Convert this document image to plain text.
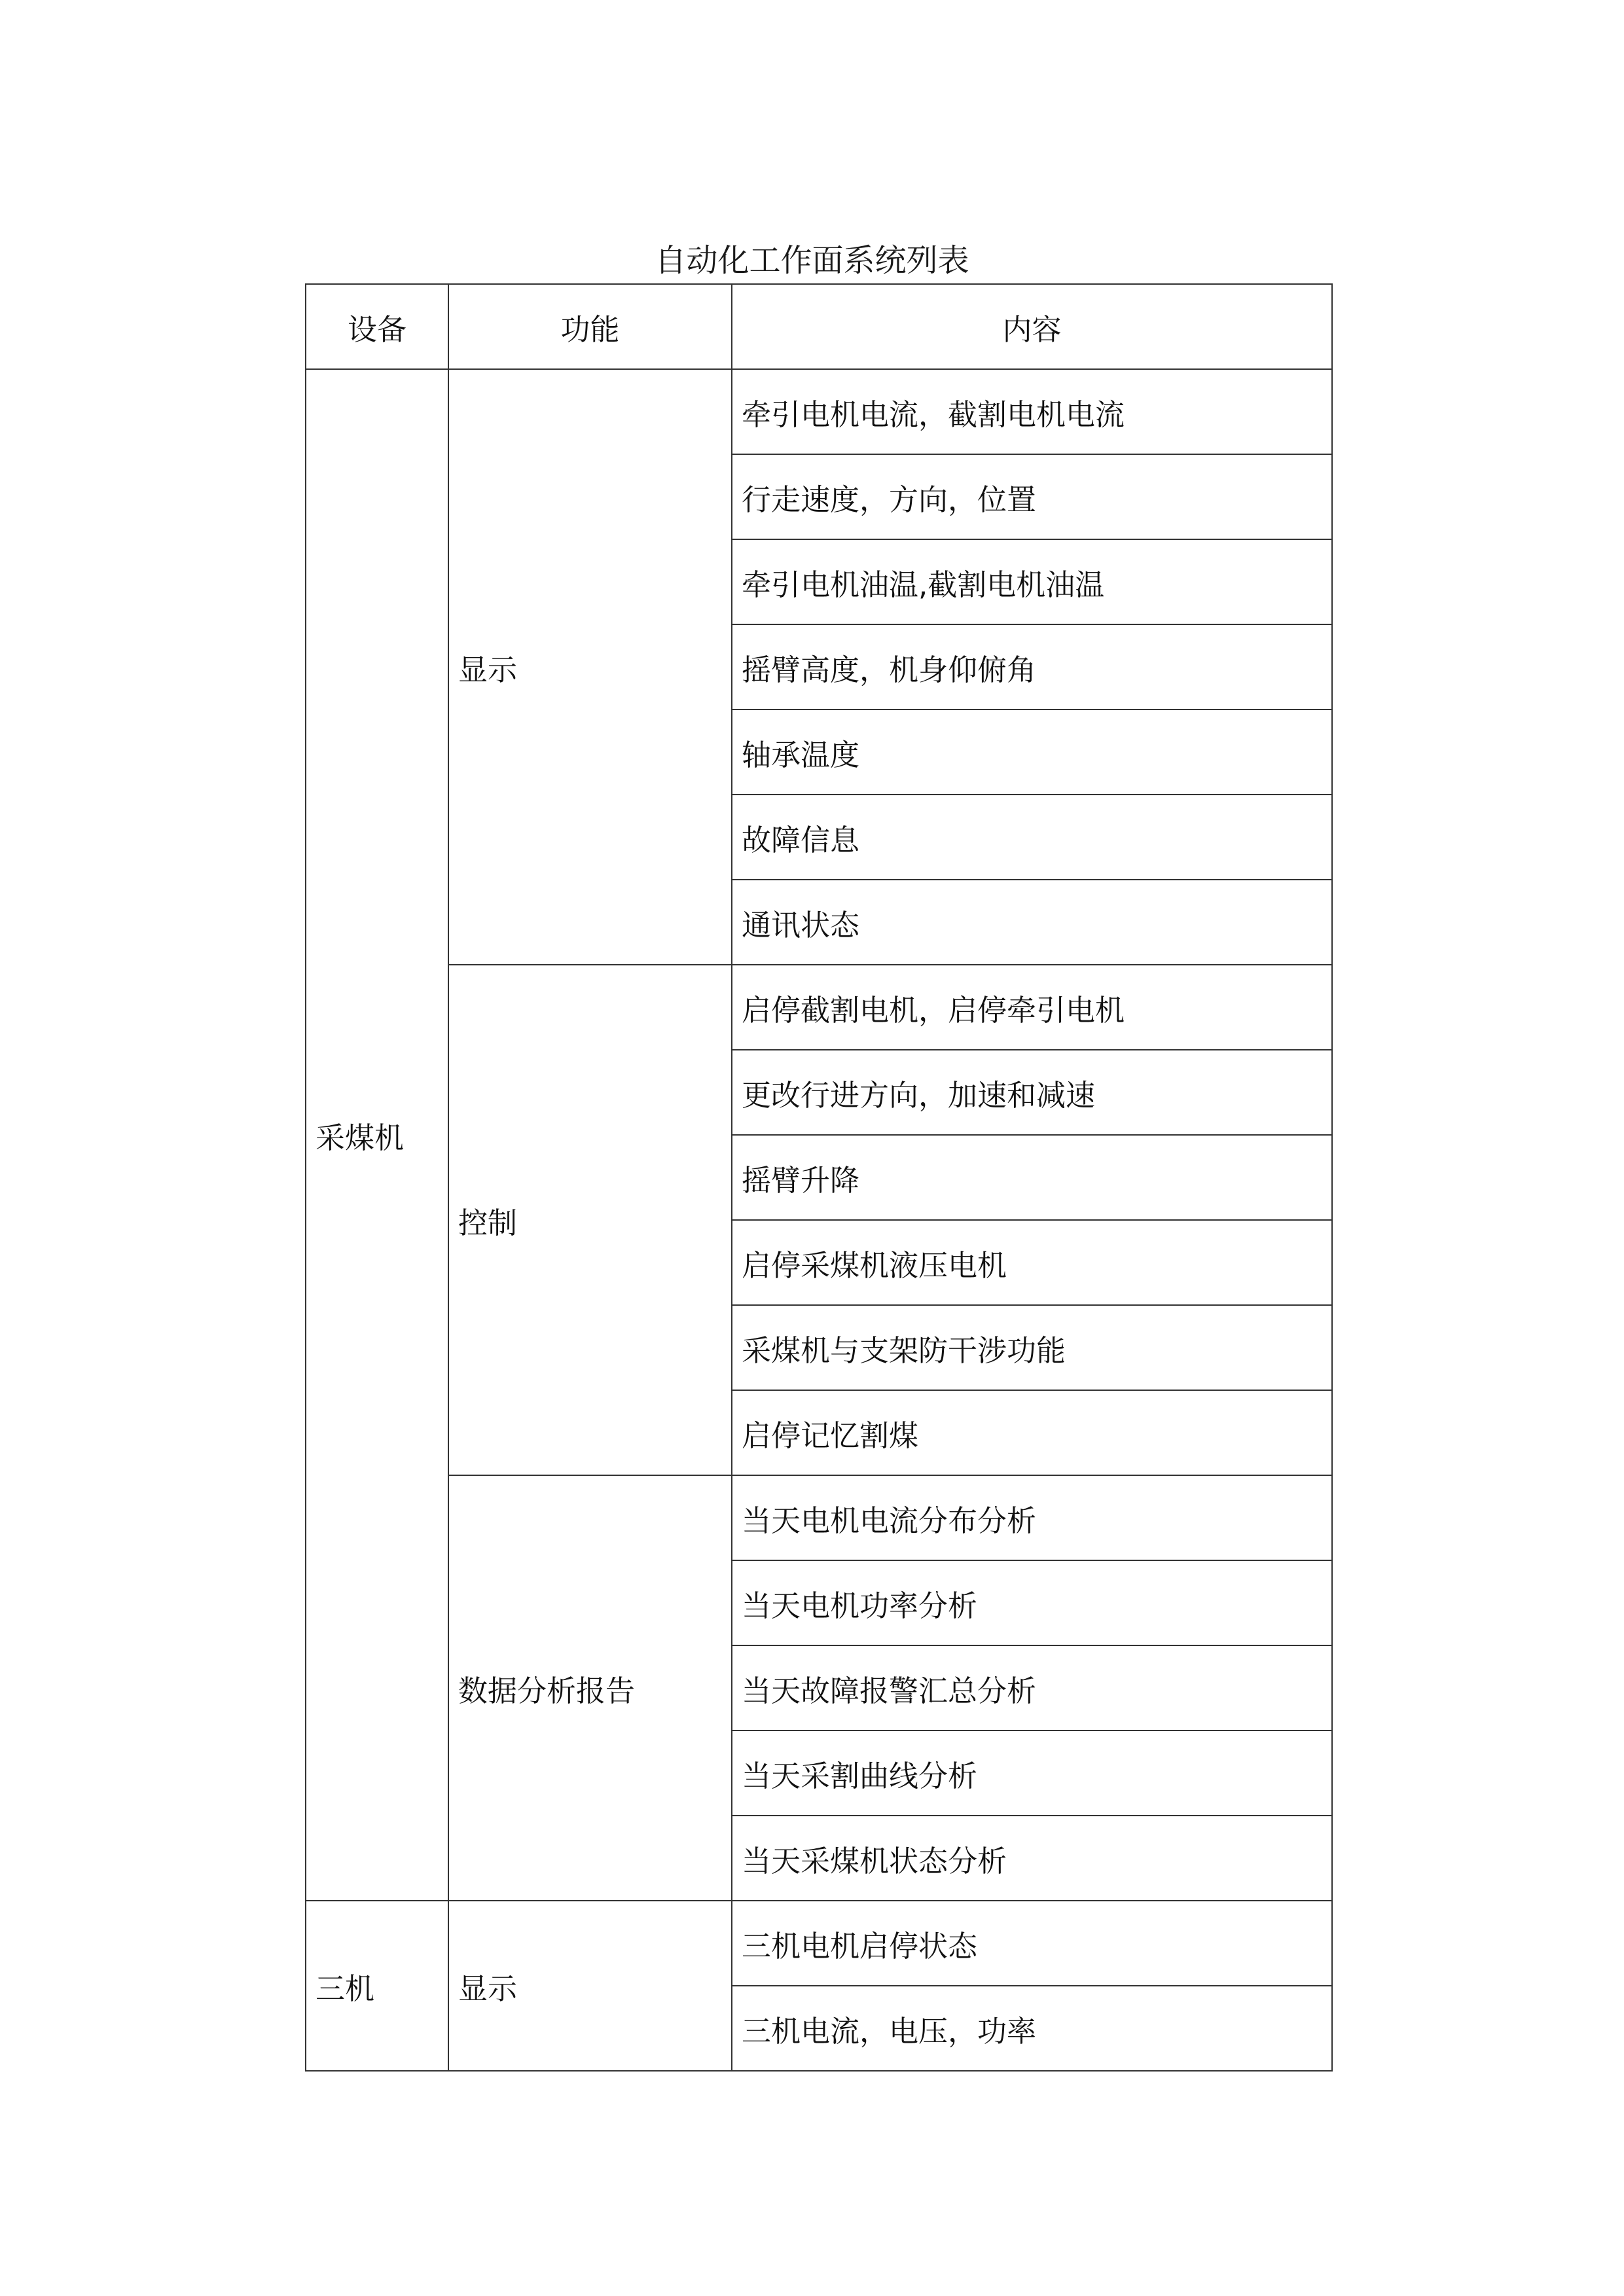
自动化工作面系统列表
设备	功能	内容
采煤机	显示	牵引电机电流，截割电机电流
		行走速度，方向，位置
		牵引电机油温,截割电机油温
		摇臂高度，机身仰俯角
		轴承温度
		故障信息
		通讯状态
	控制	启停截割电机，启停牵引电机
		更改行进方向，加速和减速
		摇臂升降
		启停采煤机液压电机
		采煤机与支架防干涉功能
		启停记忆割煤
	数据分析报告	当天电机电流分布分析
		当天电机功率分析
		当天故障报警汇总分析
		当天采割曲线分析
		当天采煤机状态分析
三机	显示	三机电机启停状态
		三机电流，电压，功率
